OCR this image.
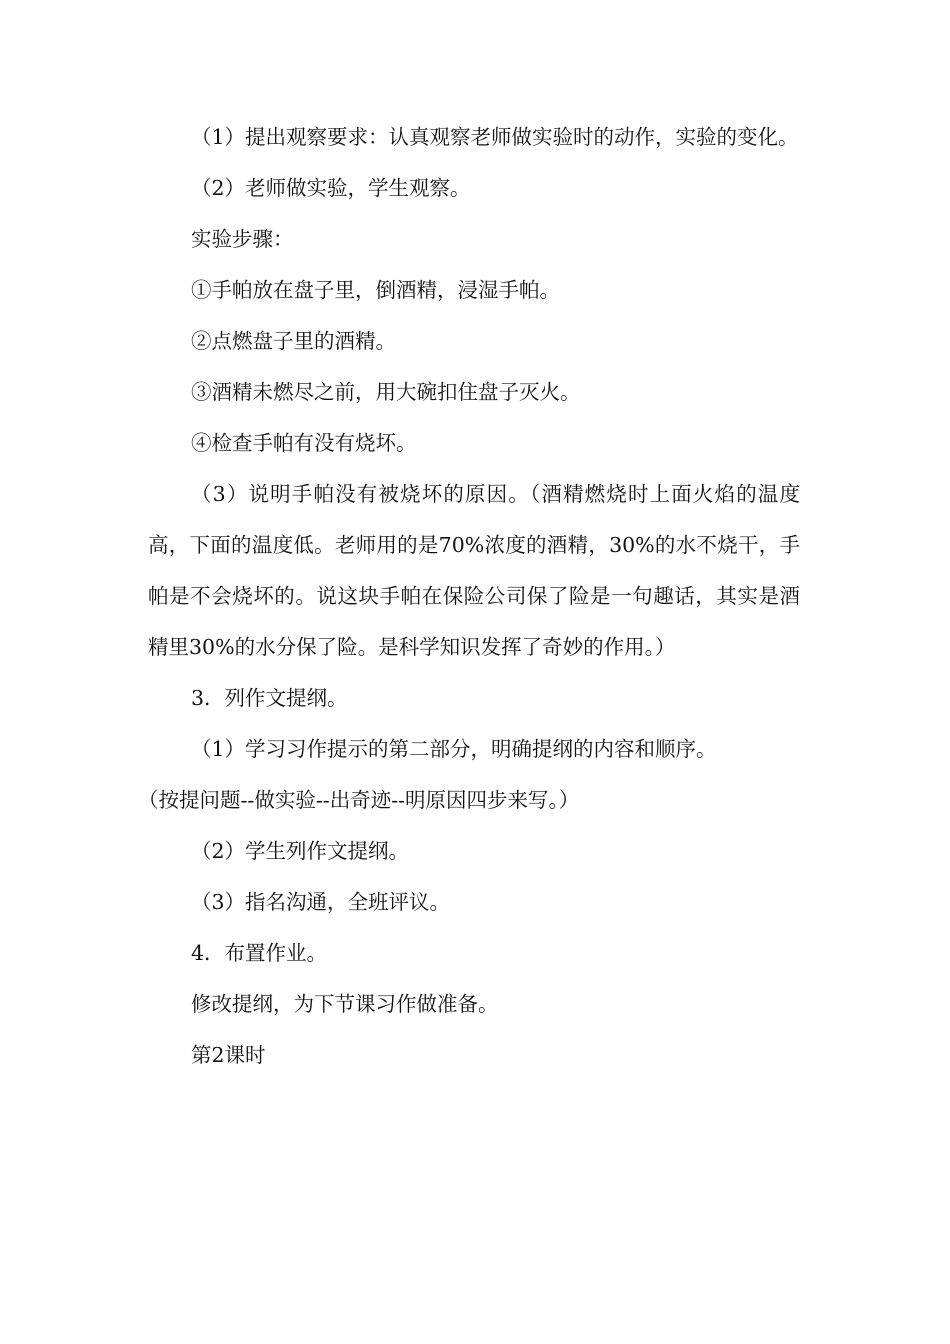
（1）提出观察要求：认真观察老师做实验时的动作，实验的变化。

（2）老师做实验，学生观察。

实验步骤：

①手帕放在盘子里，倒酒精，浸湿手帕。

②点燃盘子里的酒精。

③酒精未燃尽之前，用大碗扣住盘子灭火。

④检查手帕有没有烧坏。

（3）说明手帕没有被烧坏的原因。（酒精燃烧时上面火焰的温度高，下面的温度低。老师用的是70%浓度的酒精，30%的水不烧干，手帕是不会烧坏的。说这块手帕在保险公司保了险是一句趣话，其实是酒精里30%的水分保了险。是科学知识发挥了奇妙的作用。）

3．列作文提纲。

（1）学习习作提示的第二部分，明确提纲的内容和顺序。

（按提问题--做实验--出奇迹--明原因四步来写。）

（2）学生列作文提纲。

（3）指名沟通，全班评议。

4．布置作业。

修改提纲，为下节课习作做准备。

第2课时
